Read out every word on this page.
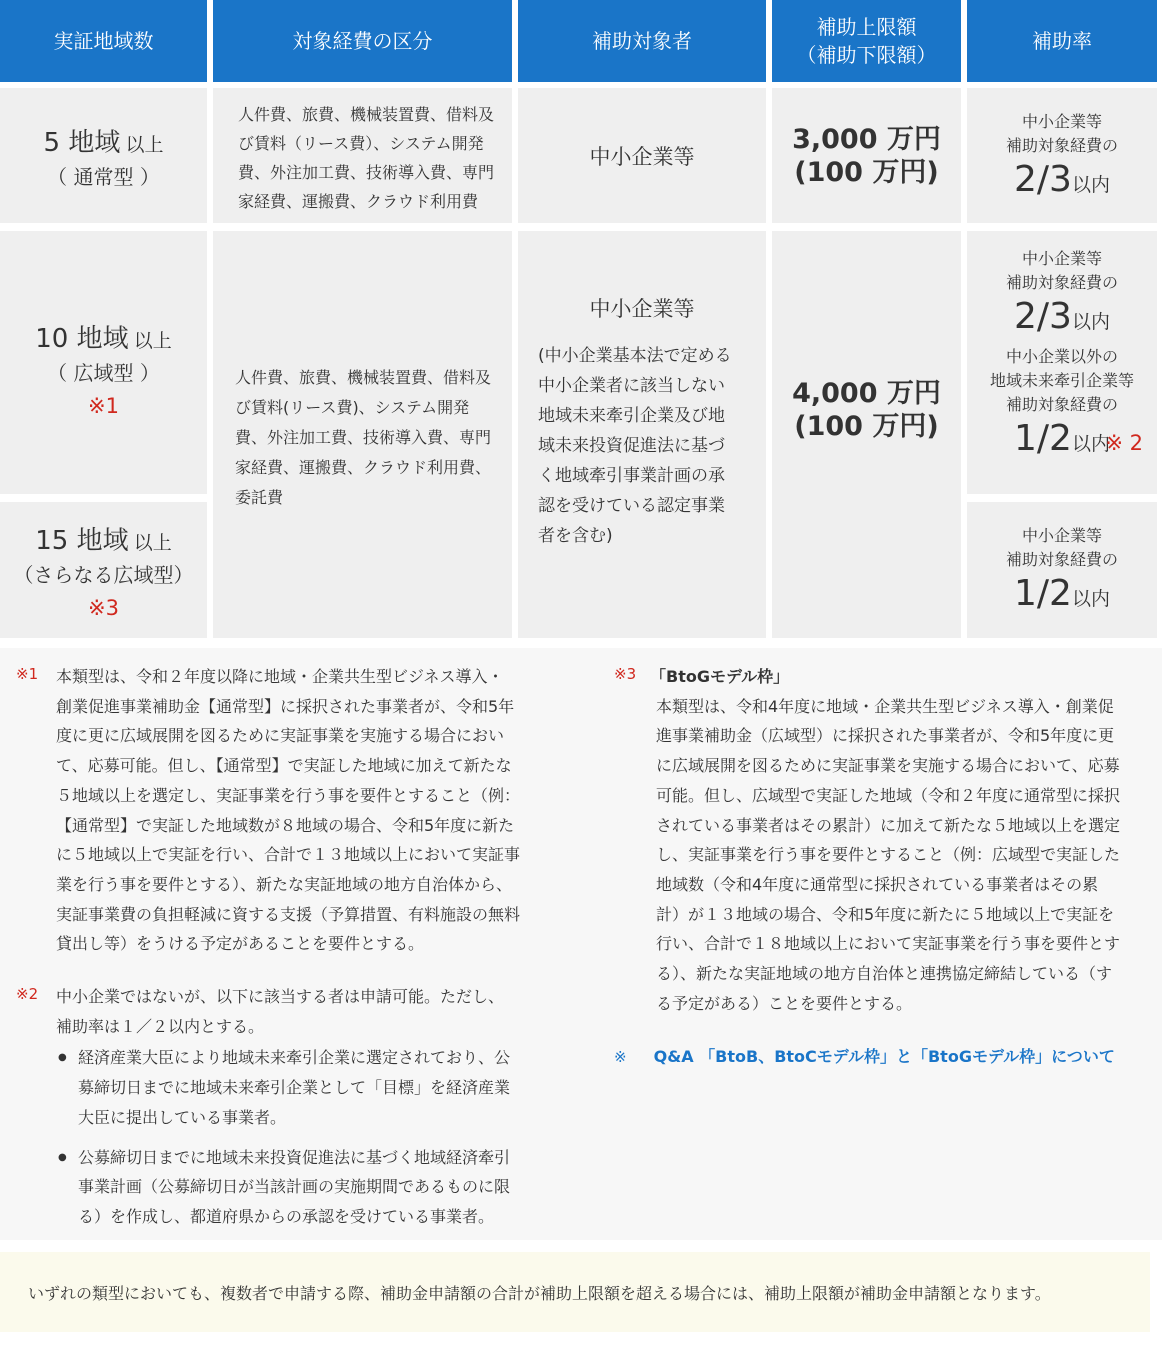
実証地域数	対象経費の区分	補助対象者
補助上限額
（補助下限額）
補助率
5 地域 以上
（ 通常型 ）
人件費、旅費、機械装置費、借料及
び賃料（リース費）、システム開発
費、外注加工費、技術導入費、専門
家経費、運搬費、クラウド利用費
中小企業等
3,000 万円
(100 万円)
中小企業等
補助対象経費の
2/3以内
10 地域 以上
（ 広域型 ）
※1
人件費、旅費、機械装置費、借料及
び賃料(リース費)、システム開発
費、外注加工費、技術導入費、専門
家経費、運搬費、クラウド利用費、
委託費
中小企業等
(中小企業基本法で定める
中小企業者に該当しない
地域未来牽引企業及び地
域未来投資促進法に基づ
く地域牽引事業計画の承
認を受けている認定事業
者を含む)
4,000 万円
(100 万円)
中小企業等
補助対象経費の
2/3以内
中小企業以外の
地域未来牽引企業等
補助対象経費の
※ 2
1/2以内
15 地域 以上
（さらなる広域型）
※3
中小企業等
補助対象経費の
1/2以内
※1 本類型は、令和２年度以降に地域・企業共生型ビジネス導入・
創業促進事業補助金【通常型】に採択された事業者が、令和5年
度に更に広域展開を図るために実証事業を実施する場合におい
て、応募可能。但し、【通常型】で実証した地域に加えて新たな
５地域以上を選定し、実証事業を行う事を要件とすること（例：
【通常型】で実証した地域数が８地域の場合、令和5年度に新た
に５地域以上で実証を行い、合計で１３地域以上において実証事
業を行う事を要件とする）、新たな実証地域の地方自治体から、
実証事業費の負担軽減に資する支援（予算措置、有料施設の無料
貸出し等）をうける予定があることを要件とする。
※2 中小企業ではないが、以下に該当する者は申請可能。ただし、
補助率は１／２以内とする。
● 経済産業大臣により地域未来牽引企業に選定されており、公
募締切日までに地域未来牽引企業として「目標」を経済産業
大臣に提出している事業者。
● 公募締切日までに地域未来投資促進法に基づく地域経済牽引
事業計画（公募締切日が当該計画の実施期間であるものに限
る）を作成し、都道府県からの承認を受けている事業者。
※3 「BtoGモデル枠」
本類型は、令和4年度に地域・企業共生型ビジネス導入・創業促
進事業補助金（広域型）に採択された事業者が、令和5年度に更
に広域展開を図るために実証事業を実施する場合において、応募
可能。但し、広域型で実証した地域（令和２年度に通常型に採択
されている事業者はその累計）に加えて新たな５地域以上を選定
し、実証事業を行う事を要件とすること（例：広域型で実証した
地域数（令和4年度に通常型に採択されている事業者はその累
計）が１３地域の場合、令和5年度に新たに５地域以上で実証を
行い、合計で１８地域以上において実証事業を行う事を要件とす
る）、新たな実証地域の地方自治体と連携協定締結している（す
る予定がある）ことを要件とする。
※ Q&A 「BtoB、BtoCモデル枠」と「BtoGモデル枠」について
いずれの類型においても、複数者で申請する際、補助金申請額の合計が補助上限額を超える場合には、補助上限額が補助金申請額となります。
